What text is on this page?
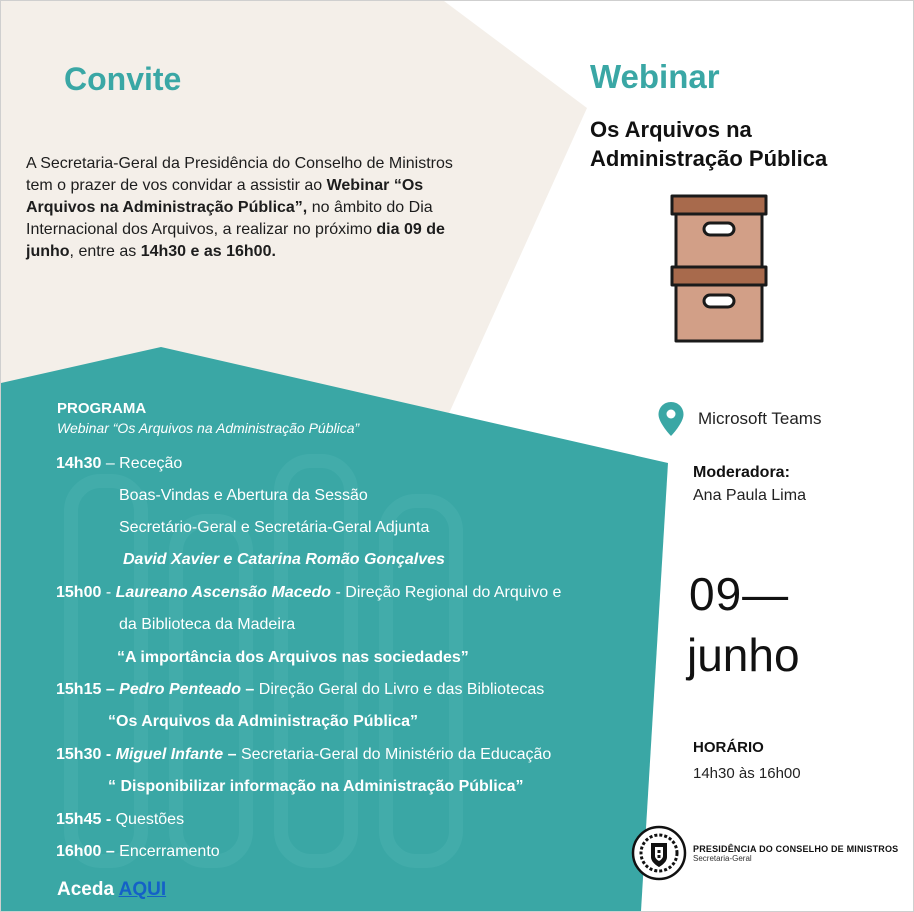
Convite
A Secretaria-Geral da Presidência do Conselho de Ministros tem o prazer de vos convidar a assistir ao Webinar “Os Arquivos na Administração Pública”, no âmbito do Dia Internacional dos Arquivos, a realizar no próximo dia 09 de junho, entre as 14h30 e as 16h00.
Webinar
Os Arquivos na Administração Pública
Microsoft Teams
Moderadora:
Ana Paula Lima
09—
junho
HORÁRIO
14h30 às 16h00
PRESIDÊNCIA DO CONSELHO DE MINISTROS
Secretaria-Geral
PROGRAMA
Webinar “Os Arquivos na Administração Pública”
14h30 – Receção
Boas-Vindas e Abertura da Sessão
Secretário-Geral e Secretária-Geral Adjunta
David Xavier e Catarina Romão Gonçalves
15h00 - Laureano Ascensão Macedo - Direção Regional do Arquivo e
da Biblioteca da Madeira
“A importância dos Arquivos nas sociedades”
15h15 – Pedro Penteado – Direção Geral do Livro e das Bibliotecas
“Os Arquivos da Administração Pública”
15h30 - Miguel Infante – Secretaria-Geral do Ministério da Educação
“ Disponibilizar informação na Administração Pública”
15h45 - Questões
16h00 – Encerramento
Aceda AQUI
